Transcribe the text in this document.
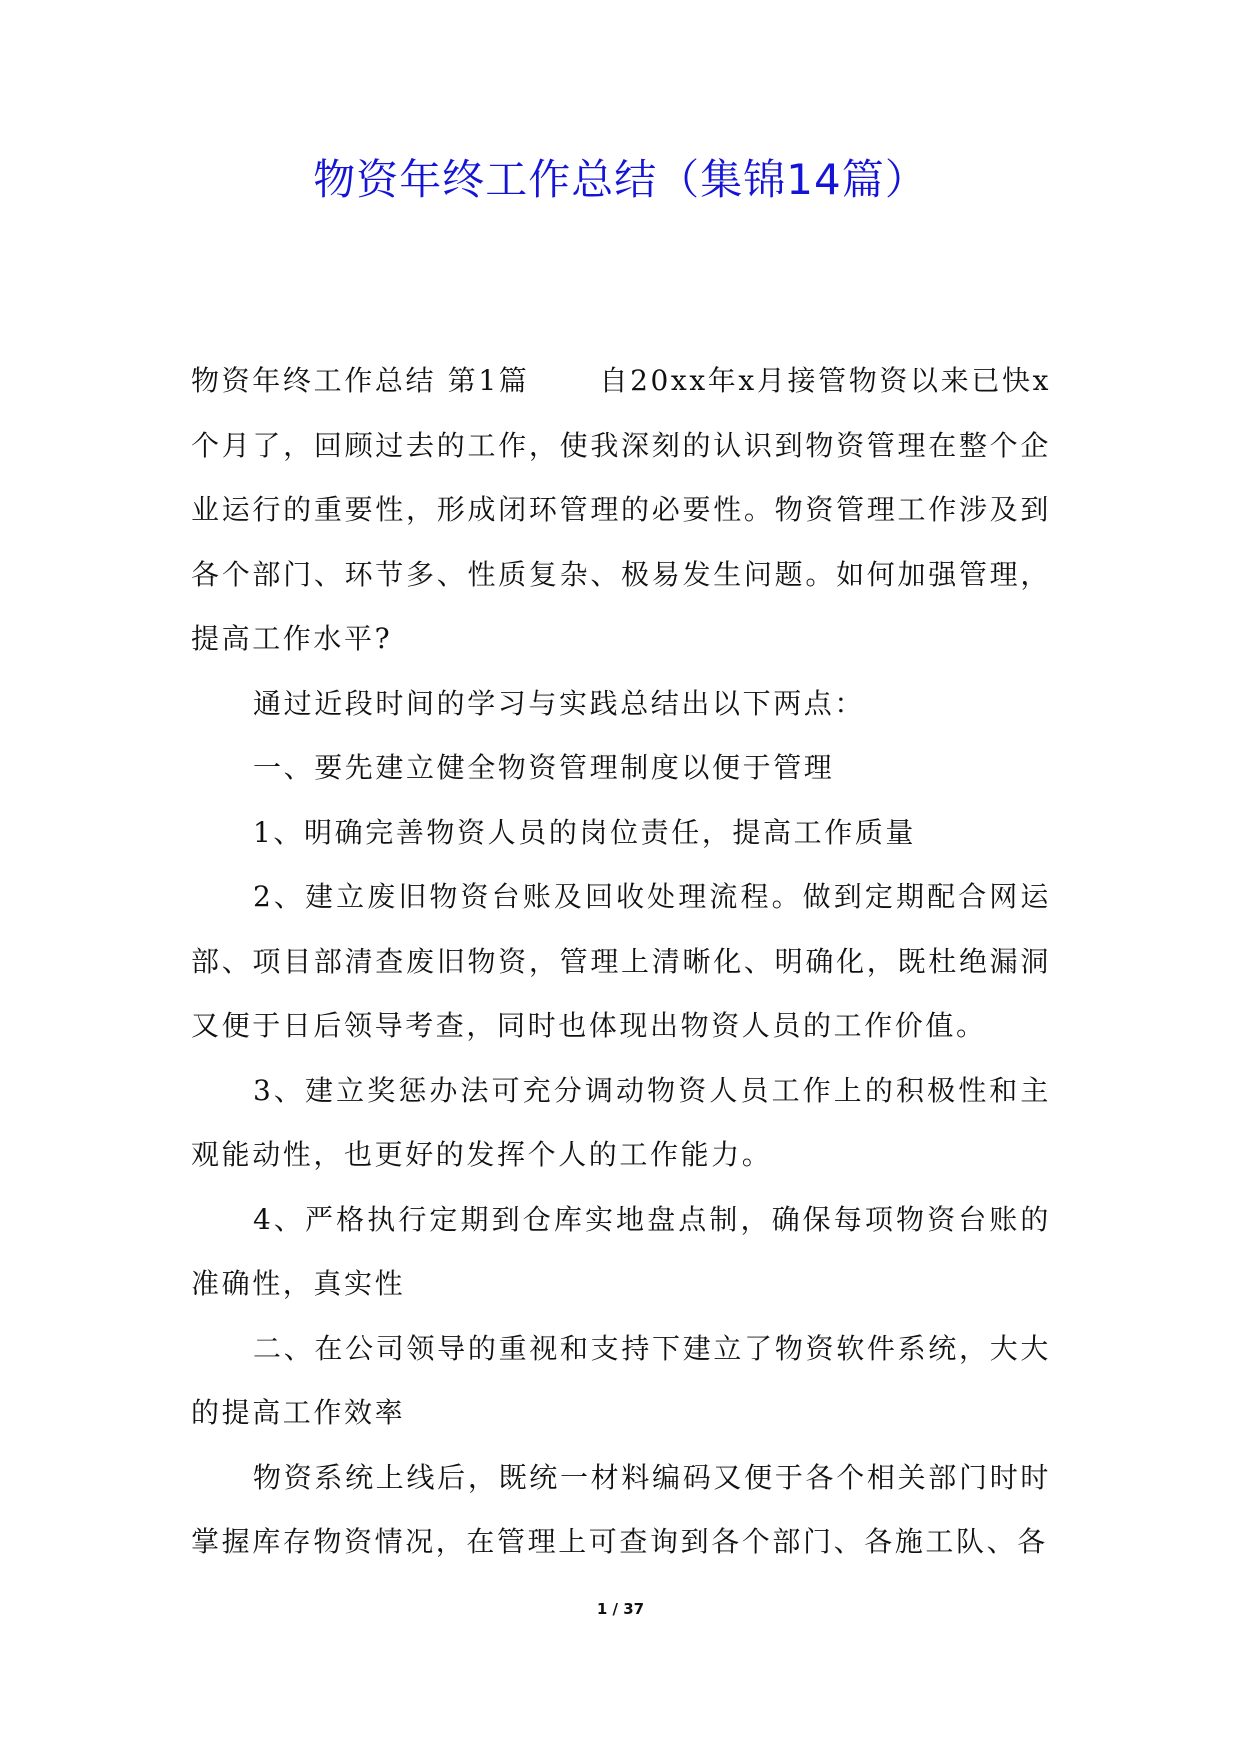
物资年终工作总结（集锦14篇）

物资年终工作总结 第1篇	自20xx年x月接管物资以来已快x个月了，回顾过去的工作，使我深刻的认识到物资管理在整个企业运行的重要性，形成闭环管理的必要性。物资管理工作涉及到各个部门、环节多、性质复杂、极易发生问题。如何加强管理，提高工作水平?

通过近段时间的学习与实践总结出以下两点：

一、要先建立健全物资管理制度以便于管理

1、明确完善物资人员的岗位责任，提高工作质量

2、建立废旧物资台账及回收处理流程。做到定期配合网运部、项目部清查废旧物资，管理上清晰化、明确化，既杜绝漏洞又便于日后领导考查，同时也体现出物资人员的工作价值。

3、建立奖惩办法可充分调动物资人员工作上的积极性和主观能动性，也更好的发挥个人的工作能力。

4、严格执行定期到仓库实地盘点制，确保每项物资台账的准确性，真实性

二、在公司领导的重视和支持下建立了物资软件系统，大大的提高工作效率

物资系统上线后，既统一材料编码又便于各个相关部门时时掌握库存物资情况，在管理上可查询到各个部门、各施工队、各

1 / 37
